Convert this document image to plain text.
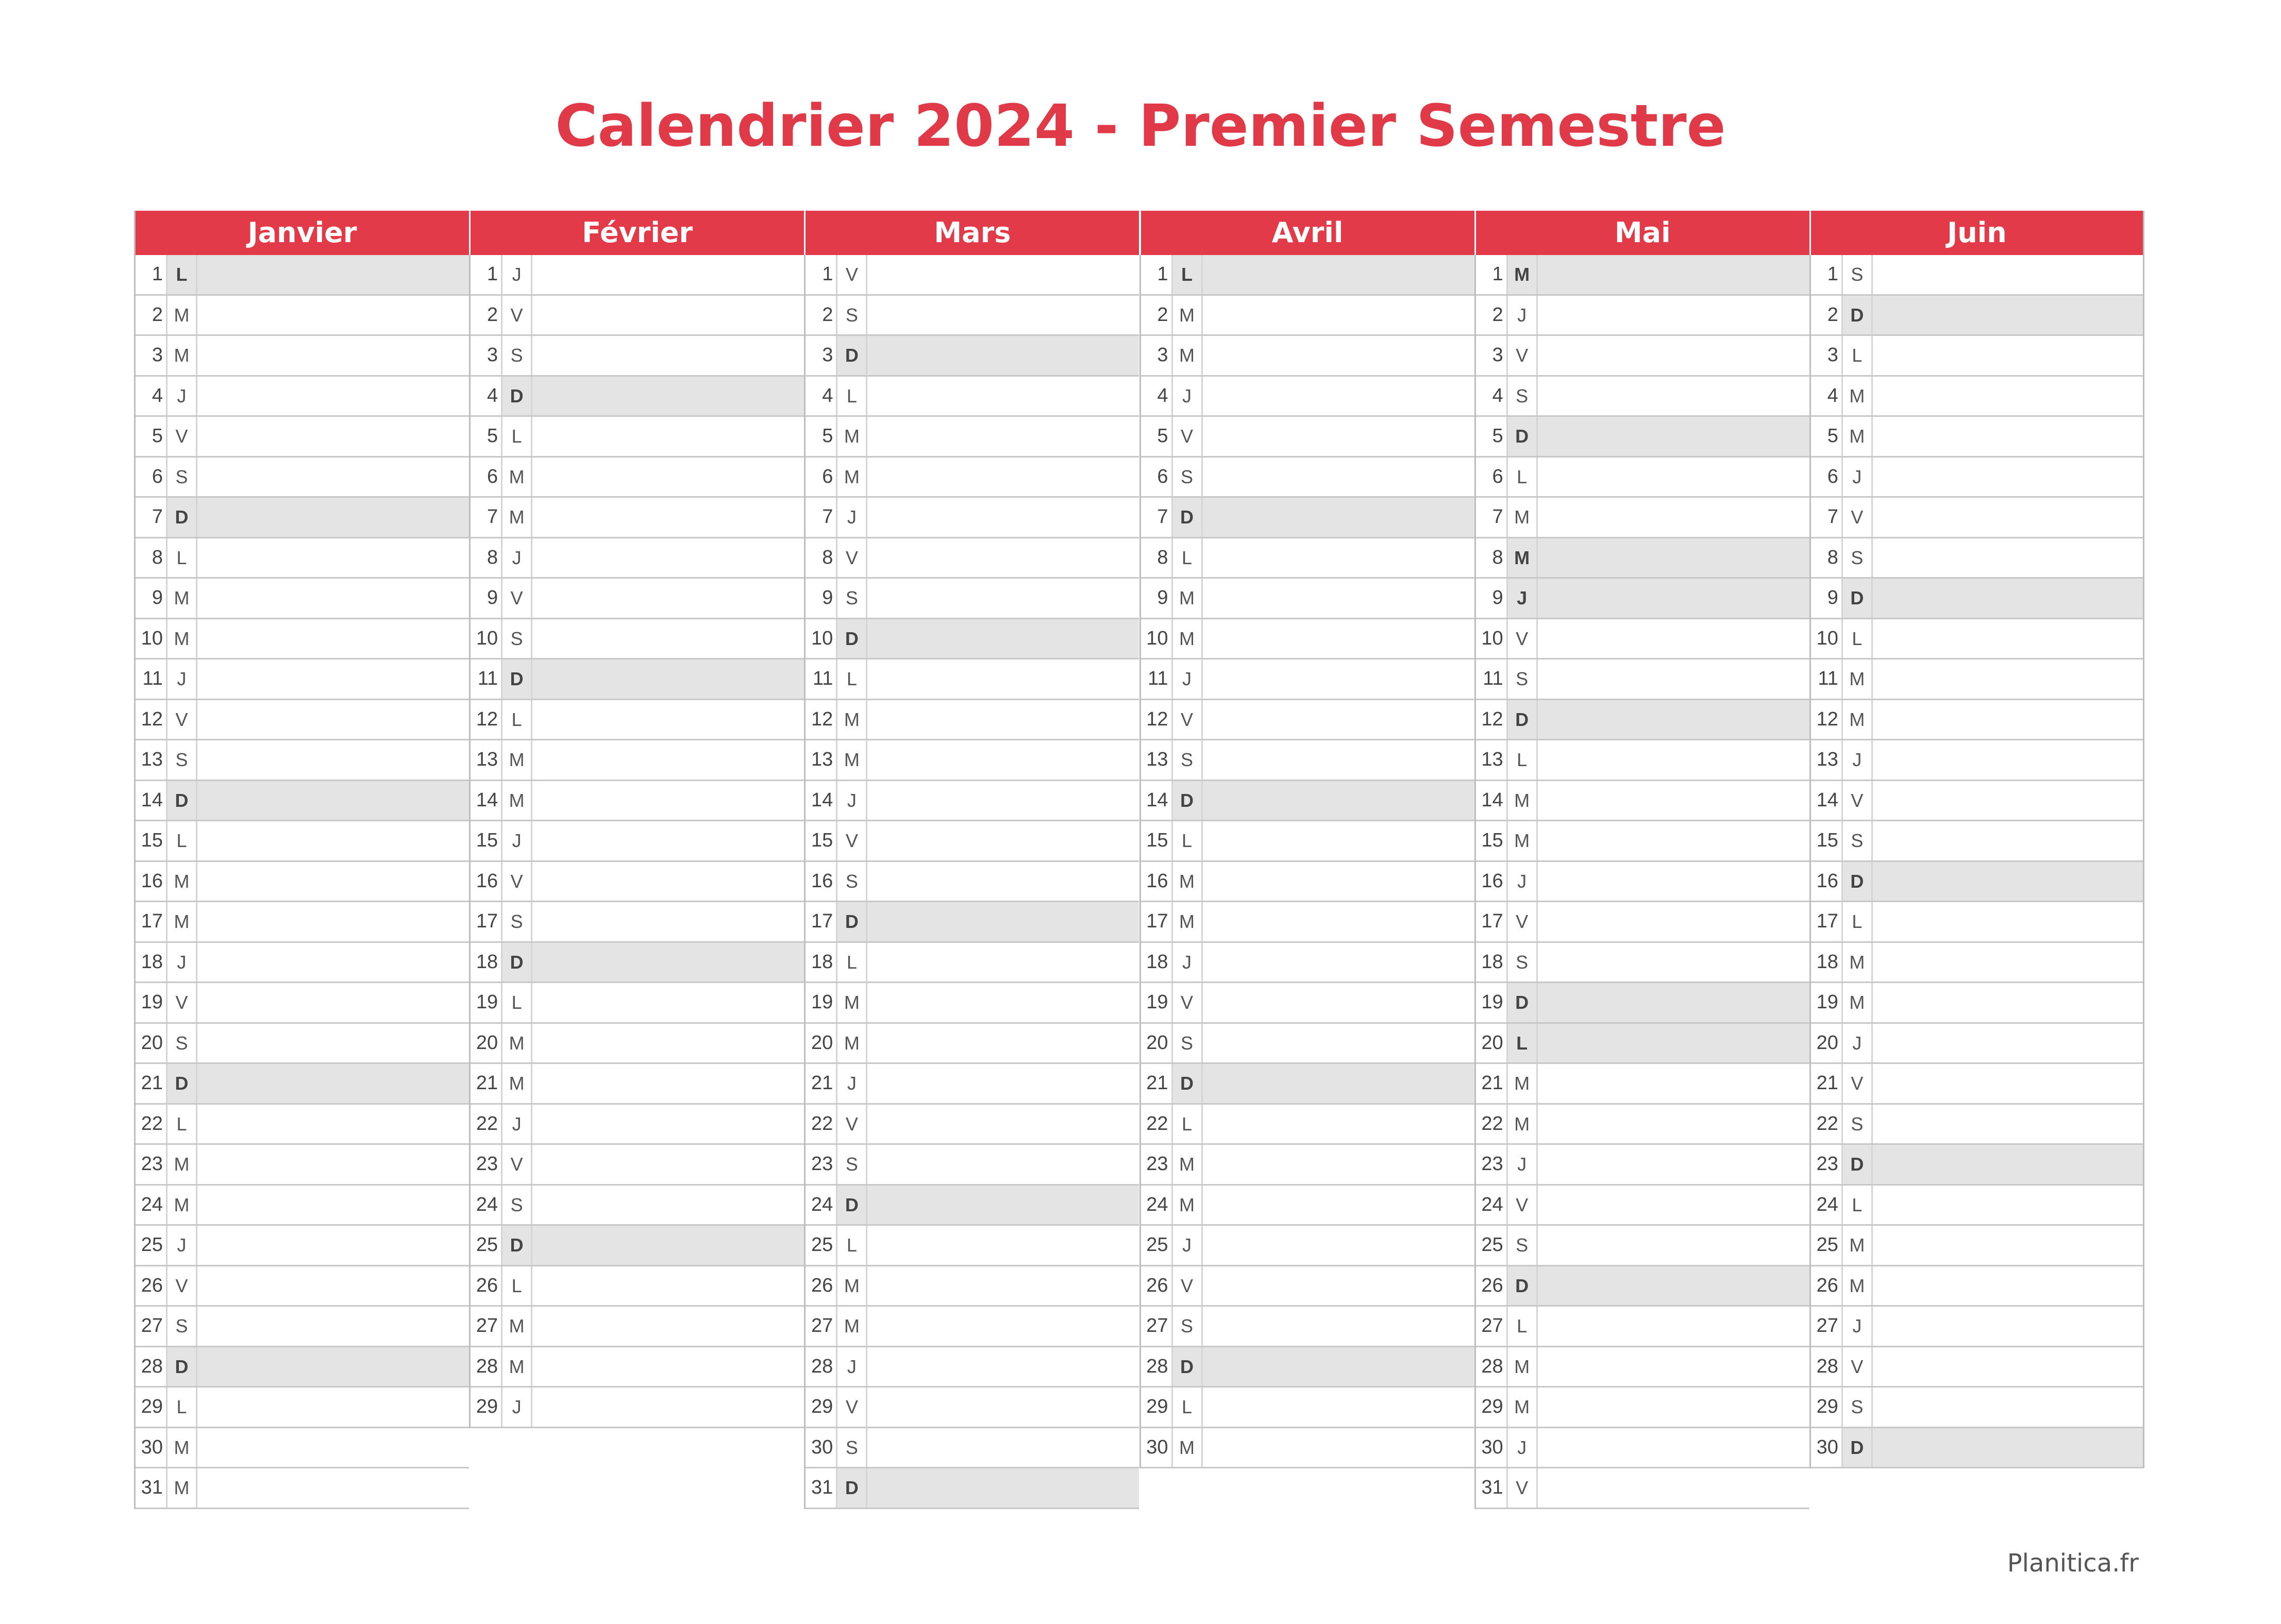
Calendrier 2024 - Premier Semestre
Janvier
1 L
2 M
3 M
4 J
5 V
6 S
7 D
8 L
9 M
10 M
11 J
12 V
13 S
14 D
15 L
16 M
17 M
18 J
19 V
20 S
21 D
22 L
23 M
24 M
25 J
26 V
27 S
28 D
29 L
30 M
31 M
Février
1 J
2 V
3 S
4 D
5 L
6 M
7 M
8 J
9 V
10 S
11 D
12 L
13 M
14 M
15 J
16 V
17 S
18 D
19 L
20 M
21 M
22 J
23 V
24 S
25 D
26 L
27 M
28 M
29 J
Mars
1 V
2 S
3 D
4 L
5 M
6 M
7 J
8 V
9 S
10 D
11 L
12 M
13 M
14 J
15 V
16 S
17 D
18 L
19 M
20 M
21 J
22 V
23 S
24 D
25 L
26 M
27 M
28 J
29 V
30 S
31 D
Avril
1 L
2 M
3 M
4 J
5 V
6 S
7 D
8 L
9 M
10 M
11 J
12 V
13 S
14 D
15 L
16 M
17 M
18 J
19 V
20 S
21 D
22 L
23 M
24 M
25 J
26 V
27 S
28 D
29 L
30 M
Mai
1 M
2 J
3 V
4 S
5 D
6 L
7 M
8 M
9 J
10 V
11 S
12 D
13 L
14 M
15 M
16 J
17 V
18 S
19 D
20 L
21 M
22 M
23 J
24 V
25 S
26 D
27 L
28 M
29 M
30 J
31 V
Juin
1 S
2 D
3 L
4 M
5 M
6 J
7 V
8 S
9 D
10 L
11 M
12 M
13 J
14 V
15 S
16 D
17 L
18 M
19 M
20 J
21 V
22 S
23 D
24 L
25 M
26 M
27 J
28 V
29 S
30 D
Planitica.fr
